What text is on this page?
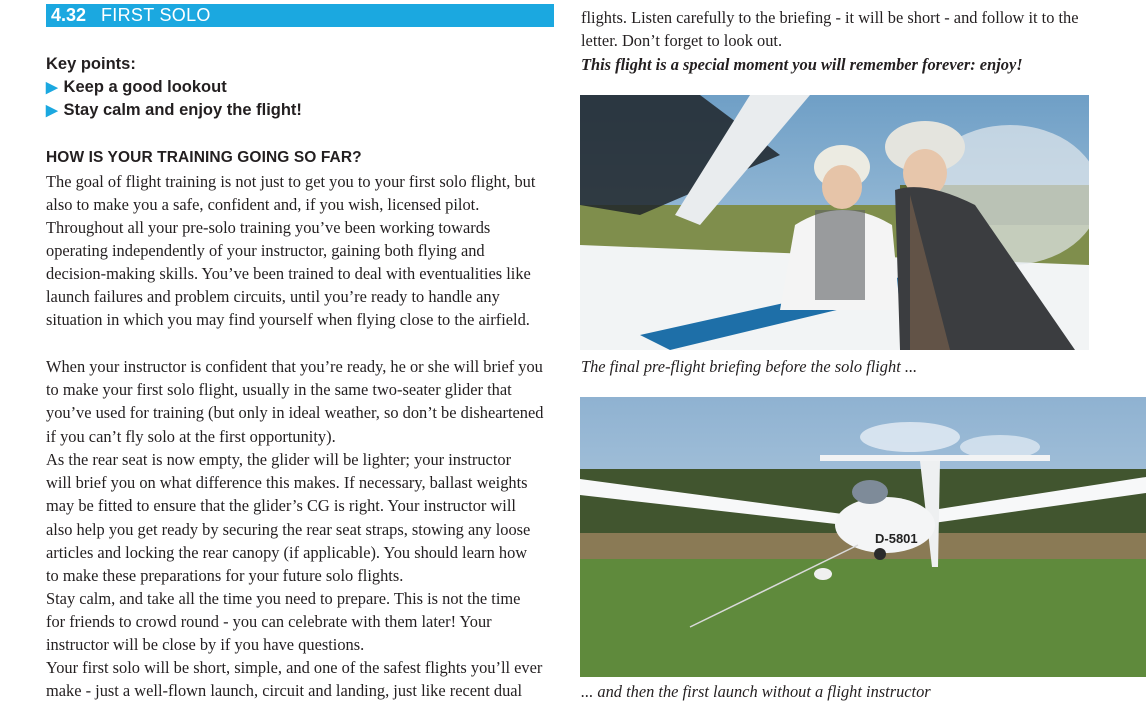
4.32 FIRST SOLO
Key points:
▶ Keep a good lookout
▶ Stay calm and enjoy the flight!
HOW IS YOUR TRAINING GOING SO FAR?
The goal of flight training is not just to get you to your first solo flight, but
also to make you a safe, confident and, if you wish, licensed pilot.
Throughout all your pre-solo training you’ve been working towards
operating independently of your instructor, gaining both flying and
decision-making skills. You’ve been trained to deal with eventualities like
launch failures and problem circuits, until you’re ready to handle any
situation in which you may find yourself when flying close to the airfield.
When your instructor is confident that you’re ready, he or she will brief you
to make your first solo flight, usually in the same two-seater glider that
you’ve used for training (but only in ideal weather, so don’t be disheartened
if you can’t fly solo at the first opportunity).
As the rear seat is now empty, the glider will be lighter; your instructor
will brief you on what difference this makes. If necessary, ballast weights
may be fitted to ensure that the glider’s CG is right. Your instructor will
also help you get ready by securing the rear seat straps, stowing any loose
articles and locking the rear canopy (if applicable). You should learn how
to make these preparations for your future solo flights.
Stay calm, and take all the time you need to prepare. This is not the time
for friends to crowd round - you can celebrate with them later! Your
instructor will be close by if you have questions.
Your first solo will be short, simple, and one of the safest flights you’ll ever
make - just a well-flown launch, circuit and landing, just like recent dual
flights. Listen carefully to the briefing - it will be short - and follow it to the
letter. Don’t forget to look out.
This flight is a special moment you will remember forever: enjoy!
The final pre-flight briefing before the solo flight ...
D-5801
... and then the first launch without a flight instructor
